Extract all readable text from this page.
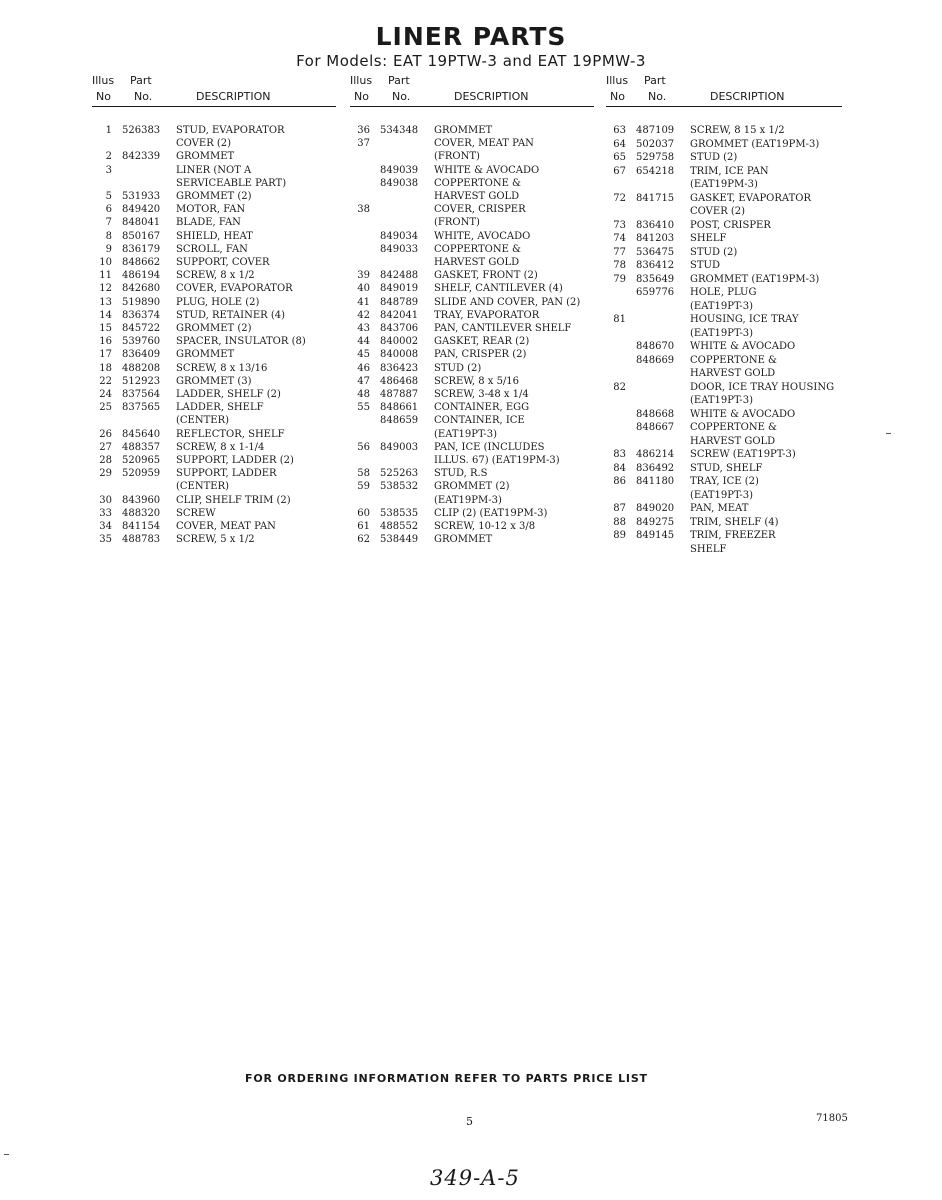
LINER PARTS
For Models: EAT 19PTW-3 and EAT 19PMW-3
Illus Part
No No.	DESCRIPTION
1 526383 STUD, EVAPORATOR
COVER (2)
2 842339 GROMMET
3	LINER (NOT A
SERVICEABLE PART)
5 531933 GROMMET (2)
6 849420 MOTOR, FAN
7 848041 BLADE, FAN
8 850167 SHIELD, HEAT
9 836179 SCROLL, FAN
10 848662 SUPPORT, COVER
11 486194 SCREW, 8 x 1/2
12 842680 COVER, EVAPORATOR
13 519890 PLUG, HOLE (2)
14 836374 STUD, RETAINER (4)
15 845722 GROMMET (2)
16 539760 SPACER, INSULATOR (8)
17 836409 GROMMET
18 488208 SCREW, 8 x 13/16
22 512923 GROMMET (3)
24 837564 LADDER, SHELF (2)
25 837565 LADDER, SHELF
(CENTER)
26 845640 REFLECTOR, SHELF
27 488357 SCREW, 8 x 1-1/4
28 520965 SUPPORT, LADDER (2)
29 520959 SUPPORT, LADDER
(CENTER)
30 843960 CLIP, SHELF TRIM (2)
33 488320 SCREW
34 841154 COVER, MEAT PAN
35 488783 SCREW, 5 x 1/2
Illus Part
No No.	DESCRIPTION
36 534348 GROMMET
37	COVER, MEAT PAN
(FRONT)
849039 WHITE & AVOCADO
849038 COPPERTONE &
HARVEST GOLD
38	COVER, CRISPER
(FRONT)
849034 WHITE, AVOCADO
849033 COPPERTONE &
HARVEST GOLD
39 842488 GASKET, FRONT (2)
40 849019 SHELF, CANTILEVER (4)
41 848789 SLIDE AND COVER, PAN (2)
42 842041 TRAY, EVAPORATOR
43 843706 PAN, CANTILEVER SHELF
44 840002 GASKET, REAR (2)
45 840008 PAN, CRISPER (2)
46 836423 STUD (2)
47 486468 SCREW, 8 x 5/16
48 487887 SCREW, 3-48 x 1/4
55 848661 CONTAINER, EGG
848659 CONTAINER, ICE
(EAT19PT-3)
56 849003 PAN, ICE (INCLUDES
ILLUS. 67) (EAT19PM-3)
58 525263 STUD, R.S
59 538532 GROMMET (2)
(EAT19PM-3)
60 538535 CLIP (2) (EAT19PM-3)
61 488552 SCREW, 10-12 x 3/8
62 538449 GROMMET
Illus Part
No No.	DESCRIPTION
63 487109 SCREW, 8 15 x 1/2
64 502037 GROMMET (EAT19PM-3)
65 529758 STUD (2)
67 654218 TRIM, ICE PAN
(EAT19PM-3)
72 841715 GASKET, EVAPORATOR
COVER (2)
73 836410 POST, CRISPER
74 841203 SHELF
77 536475 STUD (2)
78 836412 STUD
79 835649 GROMMET (EAT19PM-3)
659776 HOLE, PLUG
(EAT19PT-3)
81	HOUSING, ICE TRAY
(EAT19PT-3)
848670 WHITE & AVOCADO
848669 COPPERTONE &
HARVEST GOLD
82	DOOR, ICE TRAY HOUSING
(EAT19PT-3)
848668 WHITE & AVOCADO
848667 COPPERTONE &
HARVEST GOLD
83 486214 SCREW (EAT19PT-3)
84 836492 STUD, SHELF
86 841180 TRAY, ICE (2)
(EAT19PT-3)
87 849020 PAN, MEAT
88 849275 TRIM, SHELF (4)
89 849145 TRIM, FREEZER
SHELF
FOR ORDERING INFORMATION REFER TO PARTS PRICE LIST
5	71805
349-A-5
